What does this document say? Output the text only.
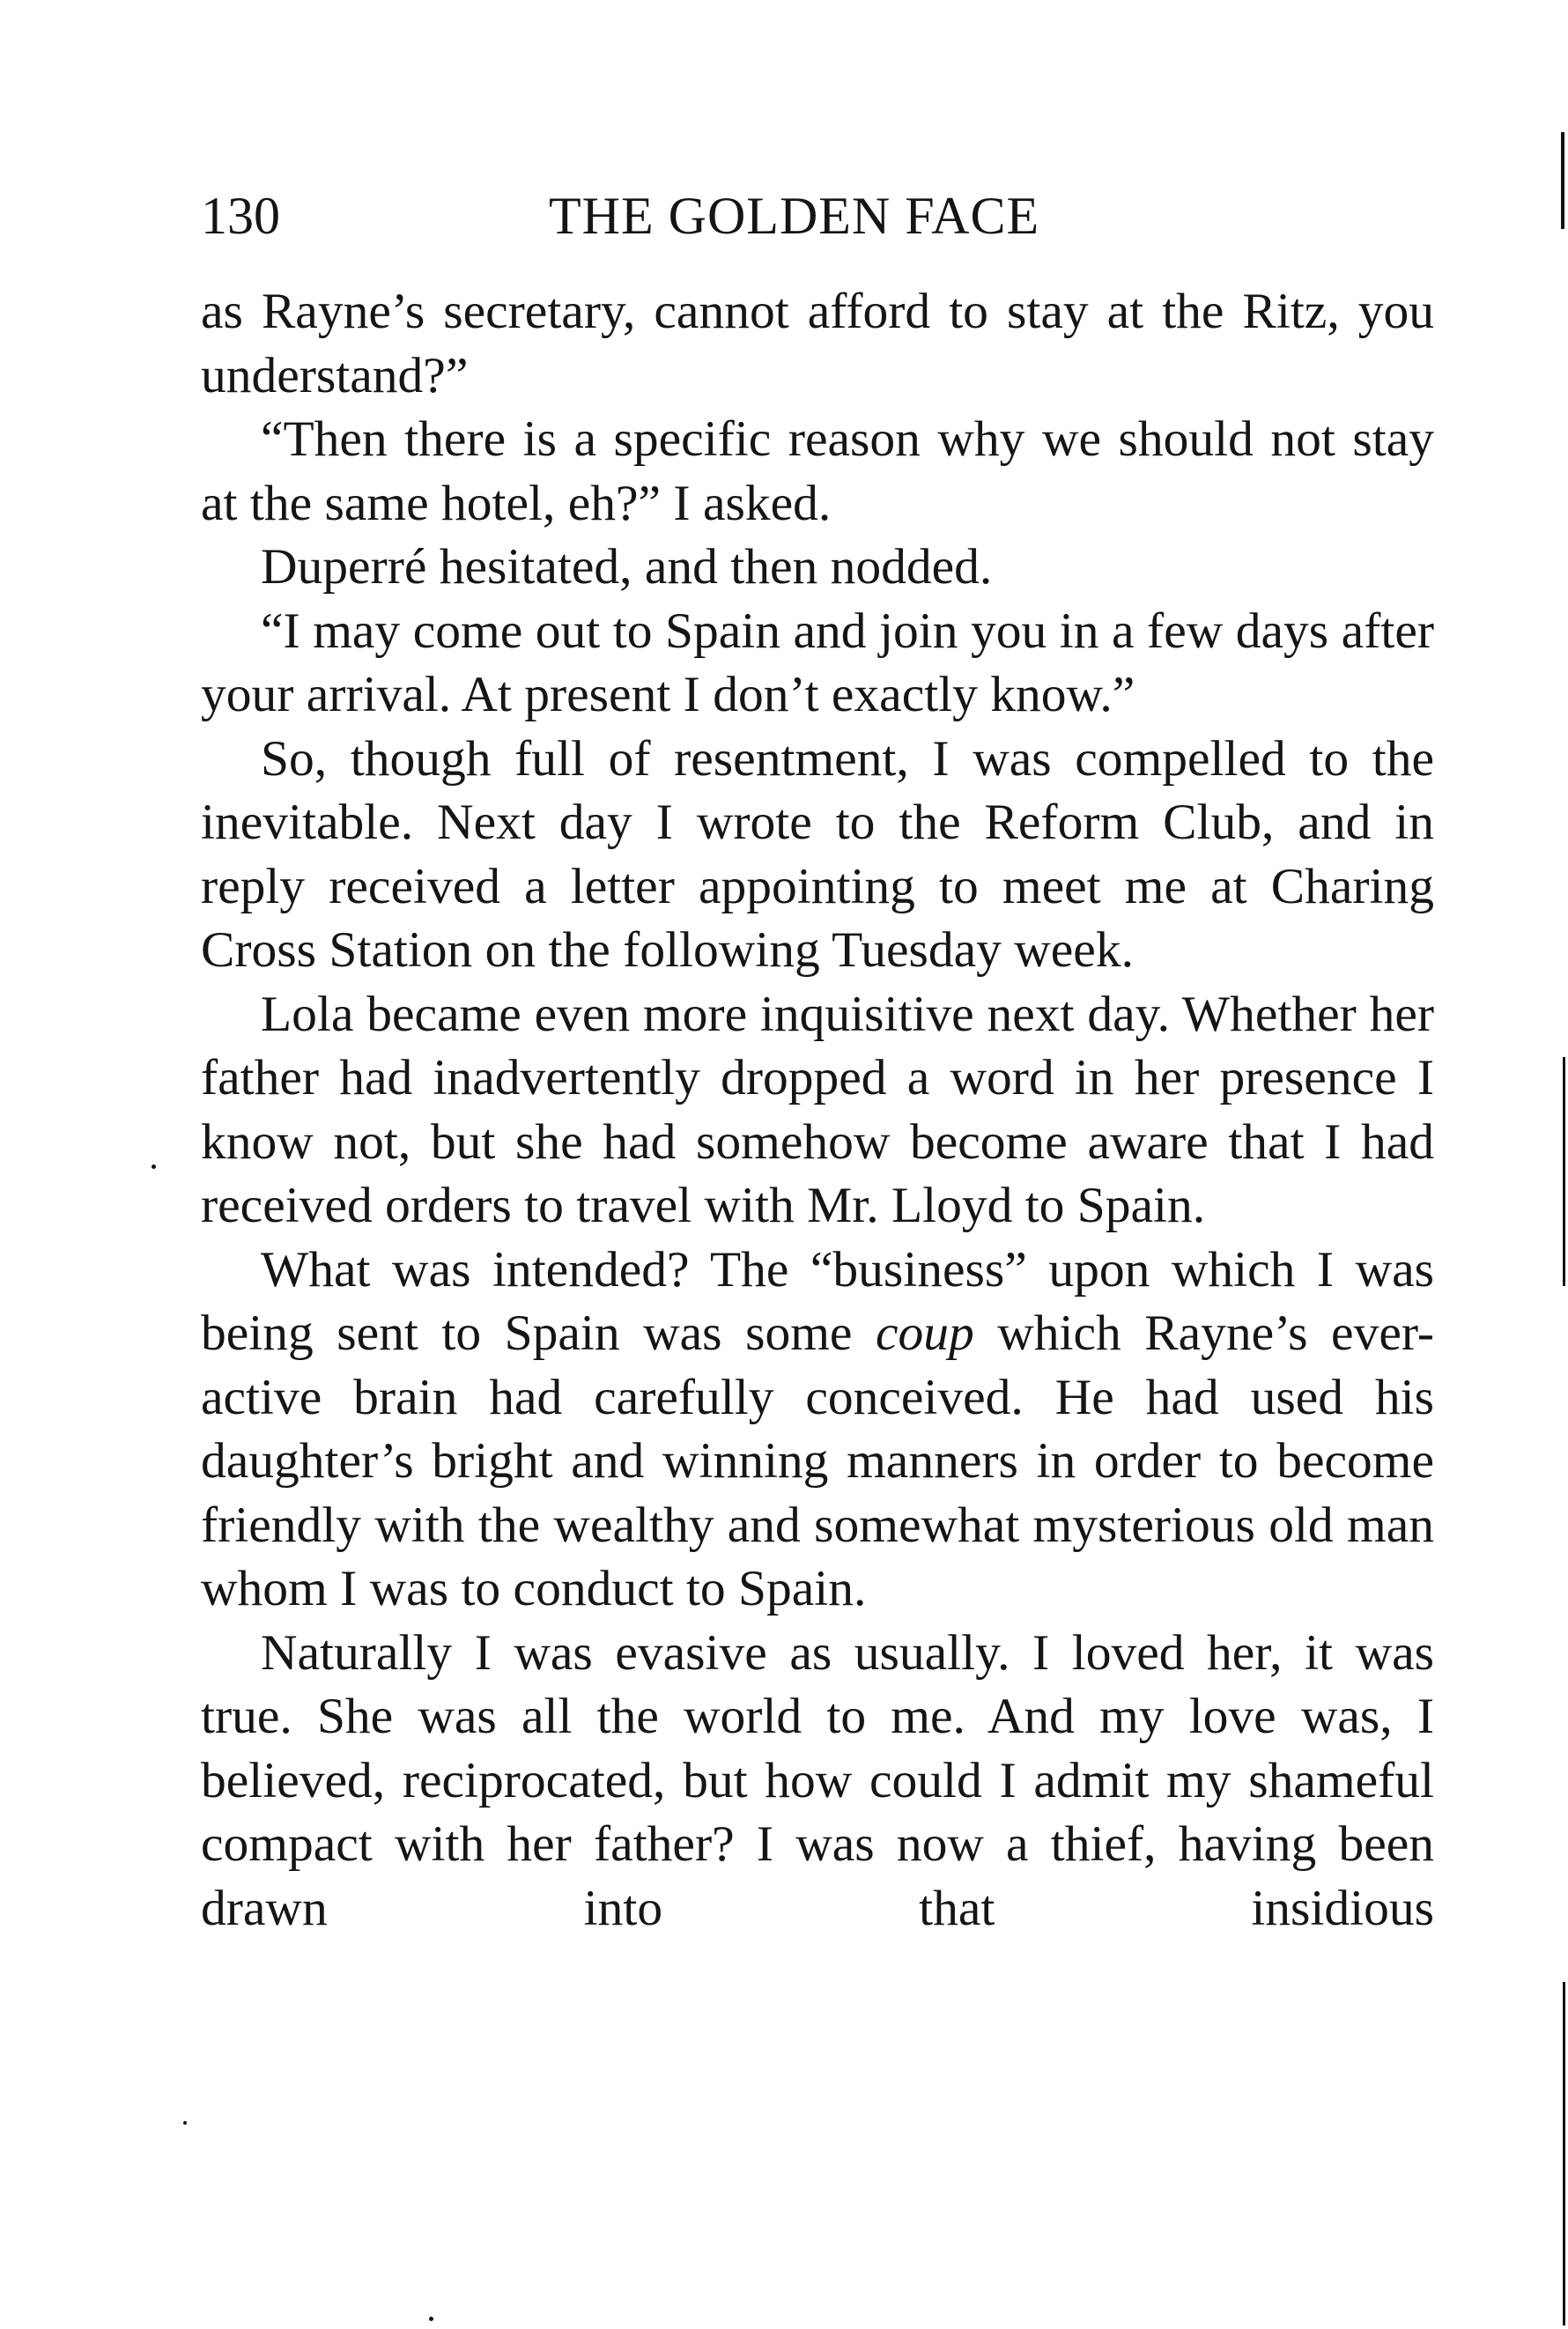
130	THE GOLDEN FACE

as Rayne’s secretary, cannot afford to stay at the Ritz, you understand?”

“Then there is a specific reason why we should not stay at the same hotel, eh?” I asked.

Duperré hesitated, and then nodded.

“I may come out to Spain and join you in a few days after your arrival. At present I don’t exactly know.”

So, though full of resentment, I was compelled to the inevitable. Next day I wrote to the Reform Club, and in reply received a letter appointing to meet me at Charing Cross Station on the following Tuesday week.

Lola became even more inquisitive next day. Whether her father had inadvertently dropped a word in her presence I know not, but she had somehow become aware that I had received orders to travel with Mr. Lloyd to Spain.

What was intended? The “business” upon which I was being sent to Spain was some coup which Rayne’s ever-active brain had carefully conceived. He had used his daughter’s bright and winning manners in order to become friendly with the wealthy and somewhat mysterious old man whom I was to conduct to Spain.

Naturally I was evasive as usually. I loved her, it was true. She was all the world to me. And my love was, I believed, reciprocated, but how could I admit my shameful compact with her father? I was now a thief, having been drawn into that insidious
